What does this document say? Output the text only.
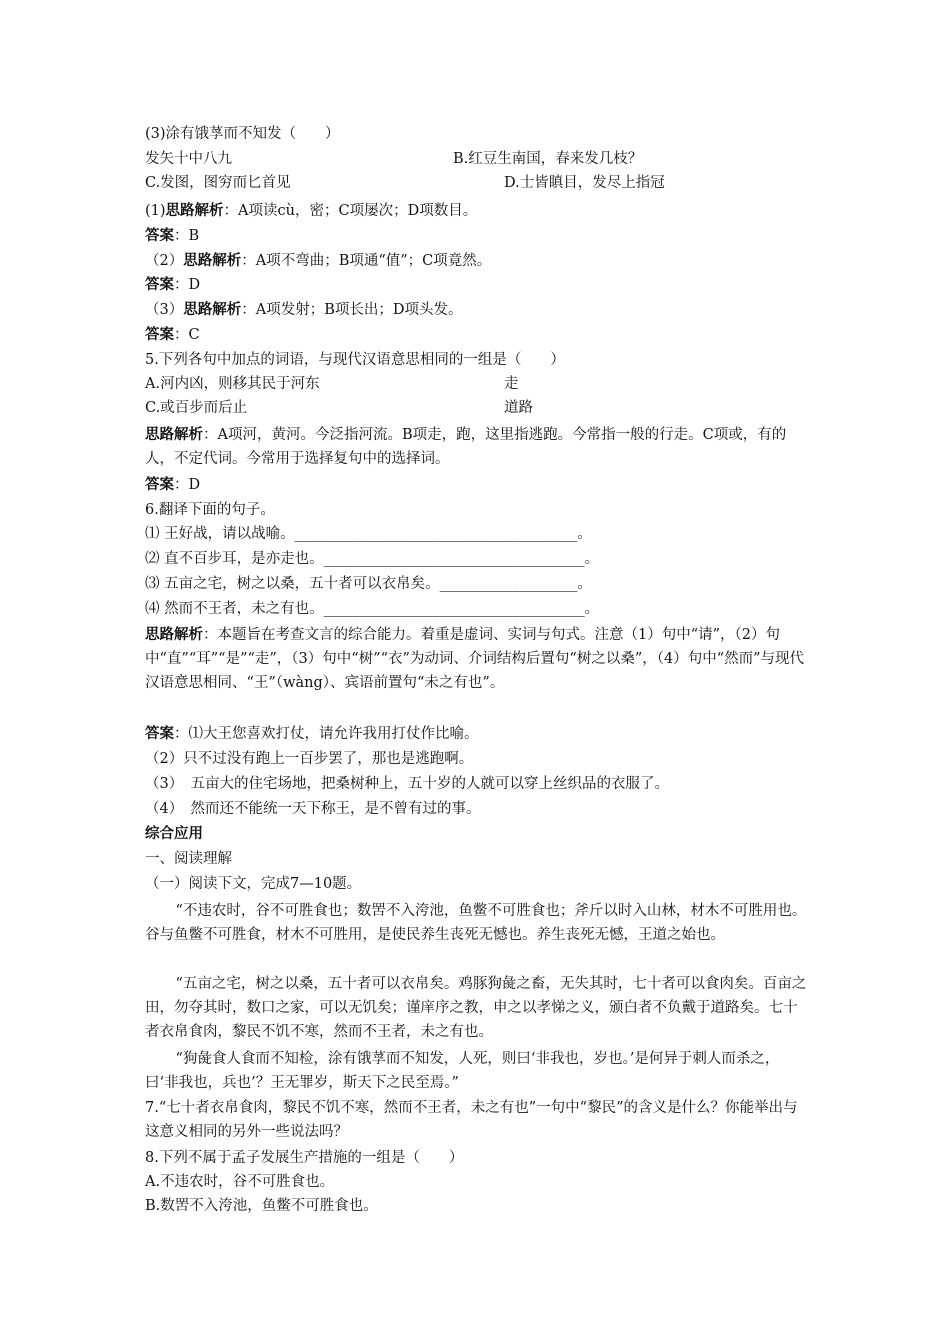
(3)涂有饿莩而不知发（　　）
发矢十中八九	B.红豆生南国，春来发几枝？
C.发图，图穷而匕首见	D.士皆瞋目，发尽上指冠
(1)思路解析：A项读cù，密；C项屡次；D项数目。
答案：B
（2）思路解析：A项不弯曲；B项通“值”；C项竟然。
答案：D
（3）思路解析：A项发射；B项长出；D项头发。
答案：C
5.下列各句中加点的词语，与现代汉语意思相同的一组是（　　）
A.河内凶，则移其民于河东	走
C.或百步而后止	道路
思路解析：A项河，黄河。今泛指河流。B项走，跑，这里指逃跑。今常指一般的行走。C项或，有的人，不定代词。今常用于选择复句中的选择词。
答案：D
6.翻译下面的句子。
⑴ 王好战，请以战喻。_______________________________________。
⑵ 直不百步耳，是亦走也。____________________________________。
⑶ 五亩之宅，树之以桑，五十者可以衣帛矣。___________________。
⑷ 然而不王者，未之有也。____________________________________。
思路解析：本题旨在考查文言的综合能力。着重是虚词、实词与句式。注意（1）句中“请”，（2）句中“直”“耳”“是”“走”，（3）句中“树”“衣”为动词、介词结构后置句“树之以桑”，（4）句中“然而”与现代汉语意思相同、“王”（wàng）、宾语前置句“未之有也”。
答案：⑴大王您喜欢打仗，请允许我用打仗作比喻。
（2）只不过没有跑上一百步罢了，那也是逃跑啊。
（3）　五亩大的住宅场地，把桑树种上，五十岁的人就可以穿上丝织品的衣服了。
（4）　然而还不能统一天下称王，是不曾有过的事。
综合应用
一、阅读理解
（一）阅读下文，完成7—10题。
“不违农时，谷不可胜食也；数罟不入洿池，鱼鳖不可胜食也；斧斤以时入山林，材木不可胜用也。谷与鱼鳖不可胜食，材木不可胜用，是使民养生丧死无憾也。养生丧死无憾，王道之始也。
“五亩之宅，树之以桑，五十者可以衣帛矣。鸡豚狗彘之畜，无失其时，七十者可以食肉矣。百亩之田，勿夺其时，数口之家，可以无饥矣；谨庠序之教，申之以孝悌之义，颁白者不负戴于道路矣。七十者衣帛食肉，黎民不饥不寒，然而不王者，未之有也。
“狗彘食人食而不知检，涂有饿莩而不知发，人死，则曰‘非我也，岁也。’是何异于刺人而杀之，曰‘非我也，兵也’？王无罪岁，斯天下之民至焉。”
7.“七十者衣帛食肉，黎民不饥不寒，然而不王者，未之有也”一句中“黎民”的含义是什么？你能举出与这意义相同的另外一些说法吗？
8.下列不属于孟子发展生产措施的一组是（　　）
A.不违农时，谷不可胜食也。
B.数罟不入洿池，鱼鳖不可胜食也。
